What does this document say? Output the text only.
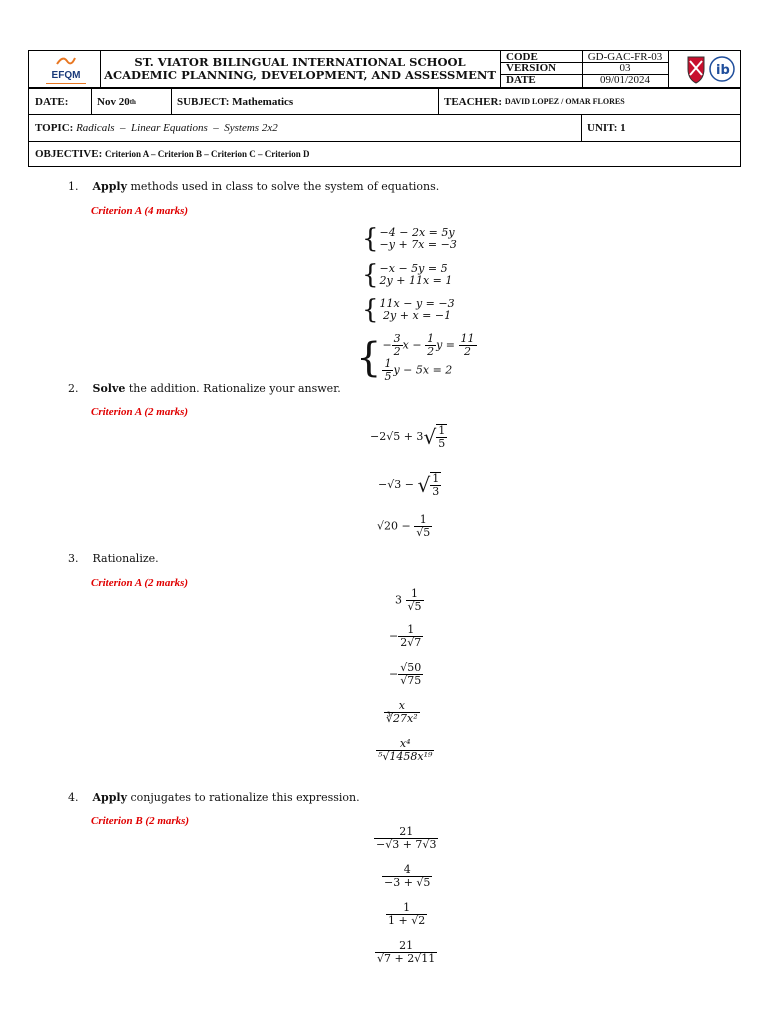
EFQM
ST. VIATOR BILINGUAL INTERNATIONAL SCHOOL
ACADEMIC PLANNING, DEVELOPMENT, AND ASSESSMENT
CODE	GD-GAC-FR-03
VERSION	03
DATE	09/01/2024
ib
DATE:	Nov 20 th	SUBJECT: Mathematics	TEACHER:
DAVID LOPEZ / OMAR FLORES
TOPIC:
Radicals  –  Linear Equations  –  Systems 2x2	UNIT: 1
OBJECTIVE:
Criterion A – Criterion B – Criterion C – Criterion D
1. Apply methods used in class to solve the system of equations.
Criterion A (4 marks)
{ −4 − 2x = 5y
−y + 7x = −3
{ −x − 5y = 5
2y + 11x = 1
{ 11x − y = −3
2y + x = −1
{ − $\frac{3}{2}$ $x - \frac{1}{2}$ $y = \frac{11}{2}$
$\frac{1}{5}$ y − 5x = 2
2. Solve the addition. Rationalize your answer.
Criterion A (2 marks)
$-2√5 + 3√ \frac{1}{5}$
−√3 − √ $\frac{1}{3}$
$√20 - \frac{1}{√5}$
3. Rationalize.
Criterion A (2 marks)
$3 \frac{1}{√5}$
− $\frac{1}{2√7}$
− $\frac{√50}{√75}$
$\frac{x}{\text{∛27x²}}$
$\frac{\text{x⁴}}{\text{⁵√1458x¹⁹}}$
4. Apply conjugates to rationalize this expression.
Criterion B (2 marks)
$\frac{21}{-√3 + 7√3}$
$\frac{4}{-3 + √5}$
$\frac{1}{1 + √2}$
$\frac{21}{√7 + 2√11}$
